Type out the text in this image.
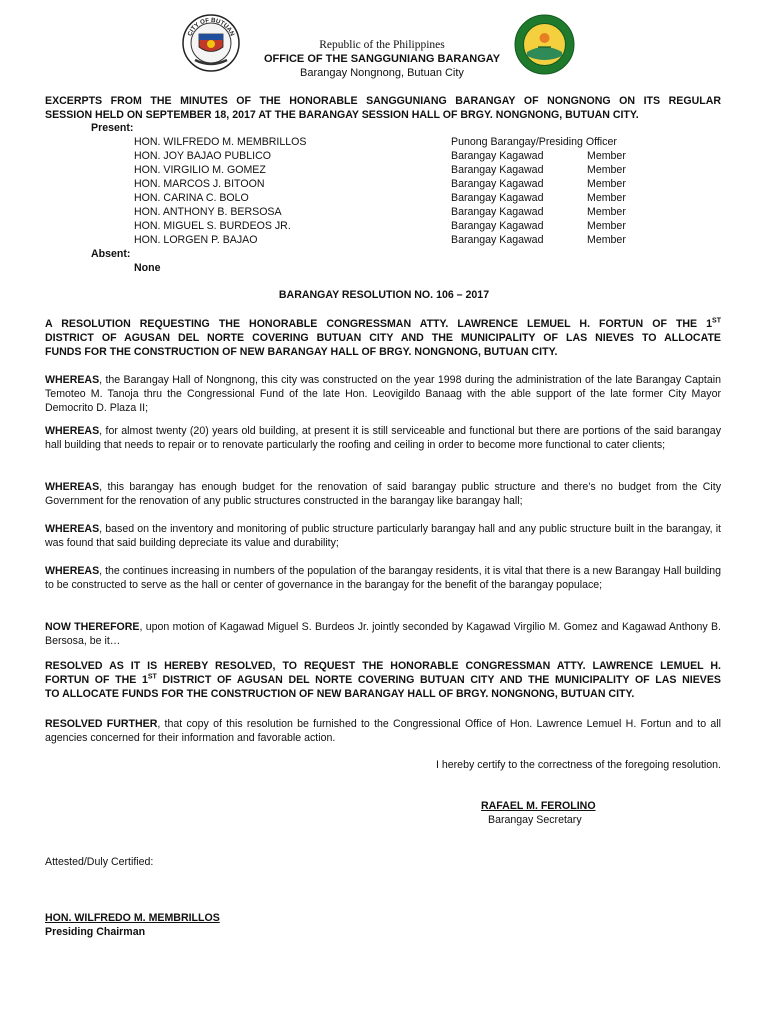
CITY OF BUTUAN
Republic of the Philippines
OFFICE OF THE SANGGUNIANG BARANGAY
Barangay Nongnong, Butuan City
EXCERPTS FROM THE MINUTES OF THE HONORABLE SANGGUNIANG BARANGAY OF NONGNONG ON ITS REGULAR
SESSION HELD ON SEPTEMBER 18, 2017 AT THE BARANGAY SESSION HALL OF BRGY. NONGNONG, BUTUAN CITY.
Present:
HON. WILFREDO M. MEMBRILLOS	Punong Barangay/Presiding Officer	
HON. JOY BAJAO PUBLICO	Barangay Kagawad	Member
HON. VIRGILIO M. GOMEZ	Barangay Kagawad	Member
HON. MARCOS J. BITOON	Barangay Kagawad	Member
HON. CARINA C. BOLO	Barangay Kagawad	Member
HON. ANTHONY B. BERSOSA	Barangay Kagawad	Member
HON. MIGUEL S. BURDEOS JR.	Barangay Kagawad	Member
HON. LORGEN P. BAJAO	Barangay Kagawad	Member
Absent:
None
BARANGAY RESOLUTION NO. 106 – 2017
A RESOLUTION REQUESTING THE HONORABLE CONGRESSMAN ATTY. LAWRENCE LEMUEL H. FORTUN OF THE 1ST
DISTRICT OF AGUSAN DEL NORTE COVERING BUTUAN CITY AND THE MUNICIPALITY OF LAS NIEVES TO ALLOCATE
FUNDS FOR THE CONSTRUCTION OF NEW BARANGAY HALL OF BRGY. NONGNONG, BUTUAN CITY.
WHEREAS, the Barangay Hall of Nongnong, this city was constructed on the year 1998 during the administration of the late Barangay Captain Temoteo M. Tanoja thru the Congressional Fund of the late Hon. Leovigildo Banaag with the able support of the late former City Mayor Democrito D. Plaza II;
WHEREAS, for almost twenty (20) years old building, at present it is still serviceable and functional but there are portions of the said barangay hall building that needs to repair or to renovate particularly the roofing and ceiling in order to become more functional to cater clients;
WHEREAS, this barangay has enough budget for the renovation of said barangay public structure and there's no budget from the City Government for the renovation of any public structures constructed in the barangay like barangay hall;
WHEREAS, based on the inventory and monitoring of public structure particularly barangay hall and any public structure built in the barangay, it was found that said building depreciate its value and durability;
WHEREAS, the continues increasing in numbers of the population of the barangay residents, it is vital that there is a new Barangay Hall building to be constructed to serve as the hall or center of governance in the barangay for the benefit of the barangay populace;
NOW THEREFORE, upon motion of Kagawad Miguel S. Burdeos Jr. jointly seconded by Kagawad Virgilio M. Gomez and Kagawad Anthony B. Bersosa, be it…
RESOLVED AS IT IS HEREBY RESOLVED, TO REQUEST THE HONORABLE CONGRESSMAN ATTY. LAWRENCE LEMUEL H.
FORTUN OF THE 1ST DISTRICT OF AGUSAN DEL NORTE COVERING BUTUAN CITY AND THE MUNICIPALITY OF LAS NIEVES
TO ALLOCATE FUNDS FOR THE CONSTRUCTION OF NEW BARANGAY HALL OF BRGY. NONGNONG, BUTUAN CITY.
RESOLVED FURTHER, that copy of this resolution be furnished to the Congressional Office of Hon. Lawrence Lemuel H. Fortun and to all agencies concerned for their information and favorable action.
I hereby certify to the correctness of the foregoing resolution.
RAFAEL M. FEROLINO
Barangay Secretary
Attested/Duly Certified:
HON. WILFREDO M. MEMBRILLOS
Presiding Chairman
